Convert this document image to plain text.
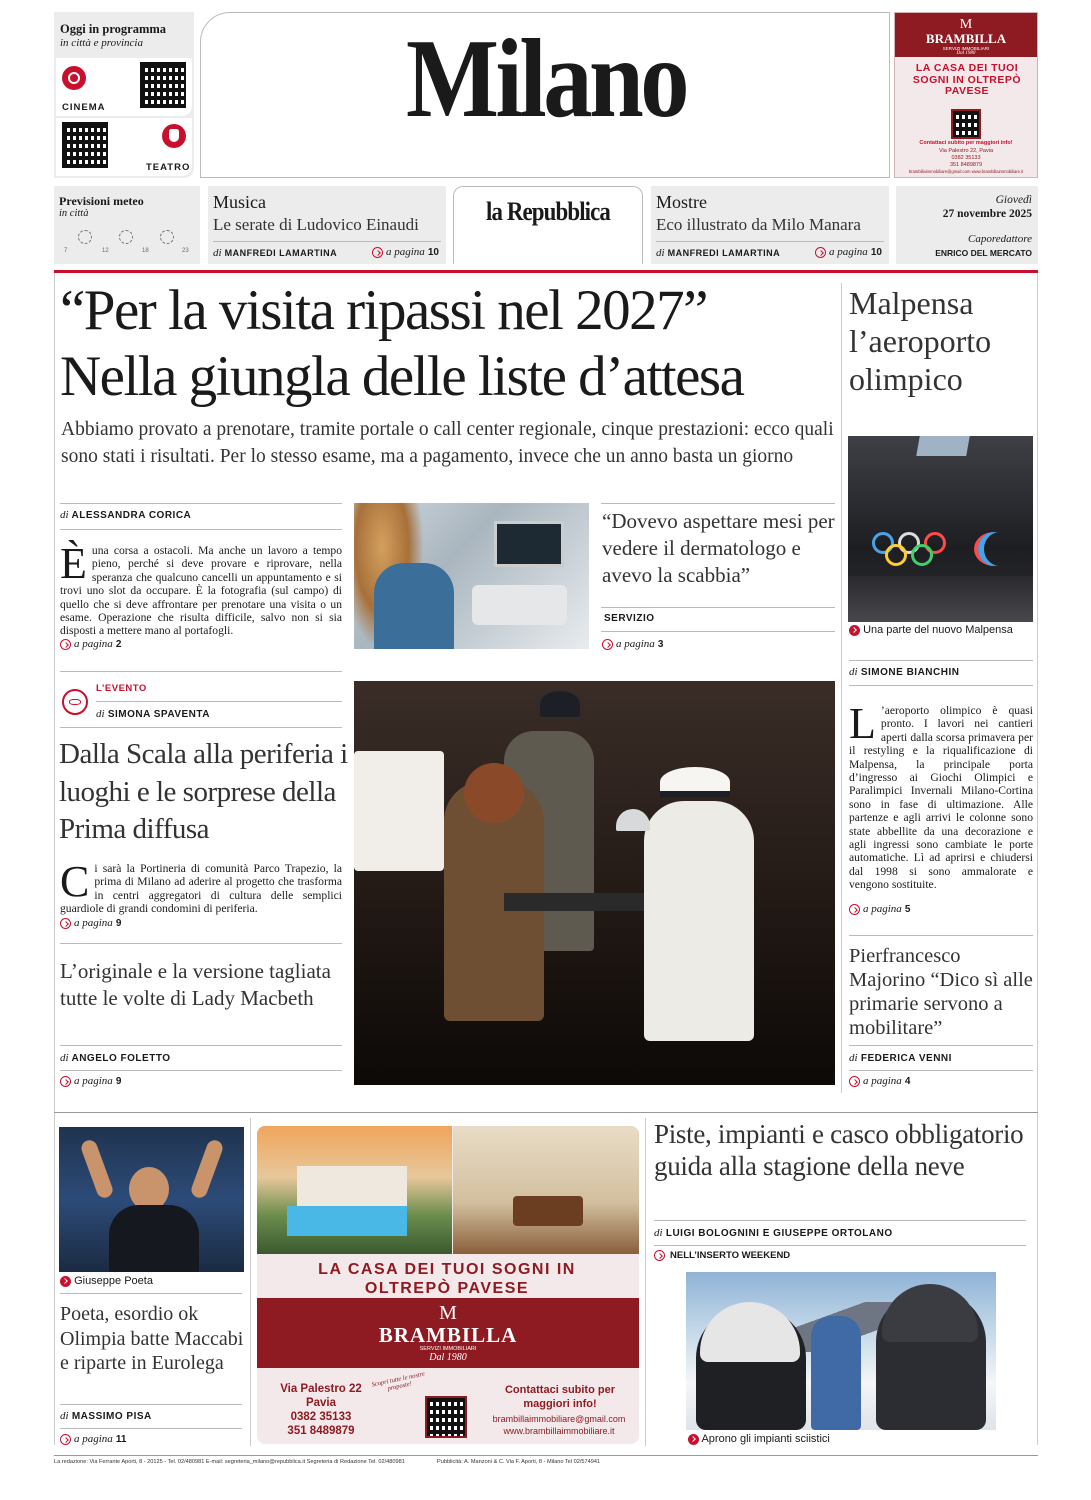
Oggi in programma
in città e provincia
CINEMA
TEATRO
Milano	M
BRAMBILLA
SERVIZI IMMOBILIARI
Dal 1980
LA CASA DEI TUOI SOGNI IN OLTREPÒ PAVESE
Contattaci subito per maggiori info!
Via Palestro 22, Pavia
0382 35133
351 8489879
brambillaimmobiliare@gmail.com www.brambillaimmobiliare.it
Previsioni meteo
in città
7	12	18	23
Musica
Le serate di Ludovico Einaudi
di MANFREDI LAMARTINA	a pagina 10
la Repubblica	Mostre
Eco illustrato da Milo Manara
di MANFREDI LAMARTINA	a pagina 10
Giovedì
27 novembre 2025
Caporedattore
ENRICO DEL MERCATO
“Per la visita ripassi nel 2027”
Nella giungla delle liste d’attesa
Abbiamo provato a prenotare, tramite portale o call center regionale, cinque prestazioni: ecco quali sono stati i risultati. Per lo stesso esame, ma a pagamento, invece che un anno basta un giorno
di ALESSANDRA CORICA
Èuna corsa a ostacoli. Ma anche un lavoro a tempo pieno, perché si deve provare e riprovare, nella speranza che qualcuno cancelli un appuntamento e si trovi uno slot da occupare. È la fotografia (sul campo) di quello che si deve affrontare per prenotare una visita o un esame. Operazione che risulta difficile, salvo non si sia disposti a mettere mano al portafogli.
a pagina 2
“Dovevo aspettare mesi per vedere il dermatologo e avevo la scabbia”
SERVIZIO
a pagina 3
Malpensa l’aeroporto olimpico
Una parte del nuovo Malpensa
di SIMONE BIANCHIN
L ’aeroporto olimpico è quasi pronto. I lavori nei cantieri aperti dalla scorsa primavera per il restyling e la riqualificazione di Malpensa, la principale porta d’ingresso ai Giochi Olimpici e Paralimpici Invernali Milano-Cortina sono in fase di ultimazione. Alle partenze e agli arrivi le colonne sono state abbellite da una decorazione e agli ingressi sono cambiate le porte automatiche. Lì ad aprirsi e chiudersi dal 1998 si sono ammalorate e vengono sostituite.
a pagina 5
Pierfrancesco Majorino “Dico sì alle primarie servono a mobilitare”
di FEDERICA VENNI
a pagina 4
L’EVENTO
di SIMONA SPAVENTA
Dalla Scala alla periferia i luoghi e le sorprese della Prima diffusa
Ci sarà la Portineria di comunità Parco Trapezio, la prima di Milano ad aderire al progetto che trasforma in centri aggregatori di cultura delle semplici guardiole di grandi condomini di periferia.
a pagina 9
L’originale e la versione tagliata tutte le volte di Lady Macbeth
di ANGELO FOLETTO
a pagina 9
Giuseppe Poeta
Poeta, esordio ok Olimpia batte Maccabi e riparte in Eurolega
di MASSIMO PISA
a pagina 11
LA CASA DEI TUOI SOGNI IN OLTREPÒ PAVESE
M
BRAMBILLA
SERVIZI IMMOBILIARI
Dal 1980
Via Palestro 22
Pavia
0382 35133
351 8489879
Scopri tutte le nostre proposte!	Contattaci subito per maggiori info!
brambillaimmobiliare@gmail.com
www.brambillaimmobiliare.it
Piste, impianti e casco obbligatorio guida alla stagione della neve
di LUIGI BOLOGNINI E GIUSEPPE ORTOLANO
NELL’INSERTO WEEKEND
Aprono gli impianti sciistici
La redazione: Via Ferrante Aporti, 8 - 20125 - Tel. 02/480981 E-mail: segreteria_milano@repubblica.it Segreteria di Redazione Tel. 02/480981	Pubblicità: A. Manzoni & C. Via F. Aporti, 8 - Milano Tel 02/574941
